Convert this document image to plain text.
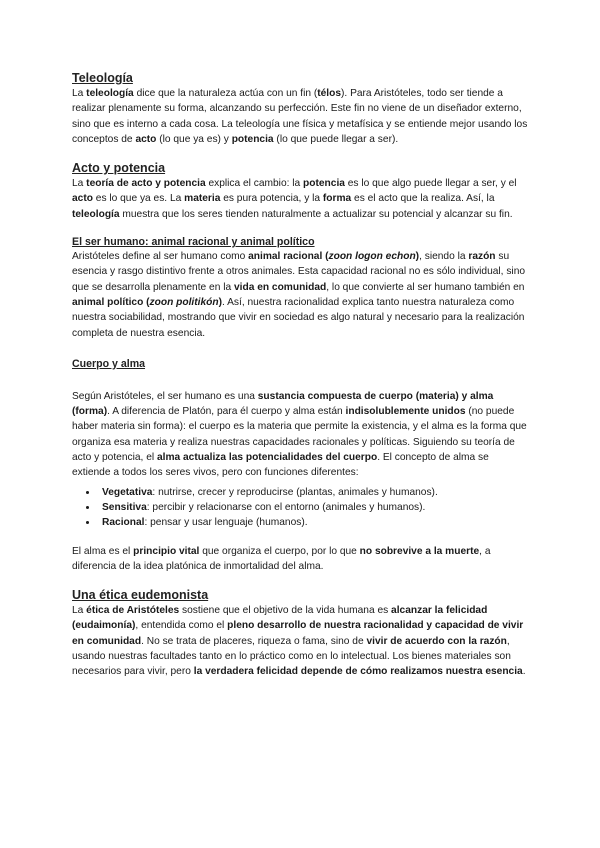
Teleología

La teleología dice que la naturaleza actúa con un fin (télos). Para Aristóteles, todo ser tiende a realizar plenamente su forma, alcanzando su perfección. Este fin no viene de un diseñador externo, sino que es interno a cada cosa. La teleología une física y metafísica y se entiende mejor usando los conceptos de acto (lo que ya es) y potencia (lo que puede llegar a ser).

Acto y potencia

La teoría de acto y potencia explica el cambio: la potencia es lo que algo puede llegar a ser, y el acto es lo que ya es. La materia es pura potencia, y la forma es el acto que la realiza. Así, la teleología muestra que los seres tienden naturalmente a actualizar su potencial y alcanzar su fin.

El ser humano: animal racional y animal político

Aristóteles define al ser humano como animal racional (zoon logon echon), siendo la razón su esencia y rasgo distintivo frente a otros animales. Esta capacidad racional no es sólo individual, sino que se desarrolla plenamente en la vida en comunidad, lo que convierte al ser humano también en animal político (zoon politikón). Así, nuestra racionalidad explica tanto nuestra naturaleza como nuestra sociabilidad, mostrando que vivir en sociedad es algo natural y necesario para la realización completa de nuestra esencia.

Cuerpo y alma

Según Aristóteles, el ser humano es una sustancia compuesta de cuerpo (materia) y alma (forma). A diferencia de Platón, para él cuerpo y alma están indisolublemente unidos (no puede haber materia sin forma): el cuerpo es la materia que permite la existencia, y el alma es la forma que organiza esa materia y realiza nuestras capacidades racionales y políticas. Siguiendo su teoría de acto y potencia, el alma actualiza las potencialidades del cuerpo. El concepto de alma se extiende a todos los seres vivos, pero con funciones diferentes:

• Vegetativa: nutrirse, crecer y reproducirse (plantas, animales y humanos).
• Sensitiva: percibir y relacionarse con el entorno (animales y humanos).
• Racional: pensar y usar lenguaje (humanos).

El alma es el principio vital que organiza el cuerpo, por lo que no sobrevive a la muerte, a diferencia de la idea platónica de inmortalidad del alma.

Una ética eudemonista

La ética de Aristóteles sostiene que el objetivo de la vida humana es alcanzar la felicidad (eudaimonía), entendida como el pleno desarrollo de nuestra racionalidad y capacidad de vivir en comunidad. No se trata de placeres, riqueza o fama, sino de vivir de acuerdo con la razón, usando nuestras facultades tanto en lo práctico como en lo intelectual. Los bienes materiales son necesarios para vivir, pero la verdadera felicidad depende de cómo realizamos nuestra esencia.
